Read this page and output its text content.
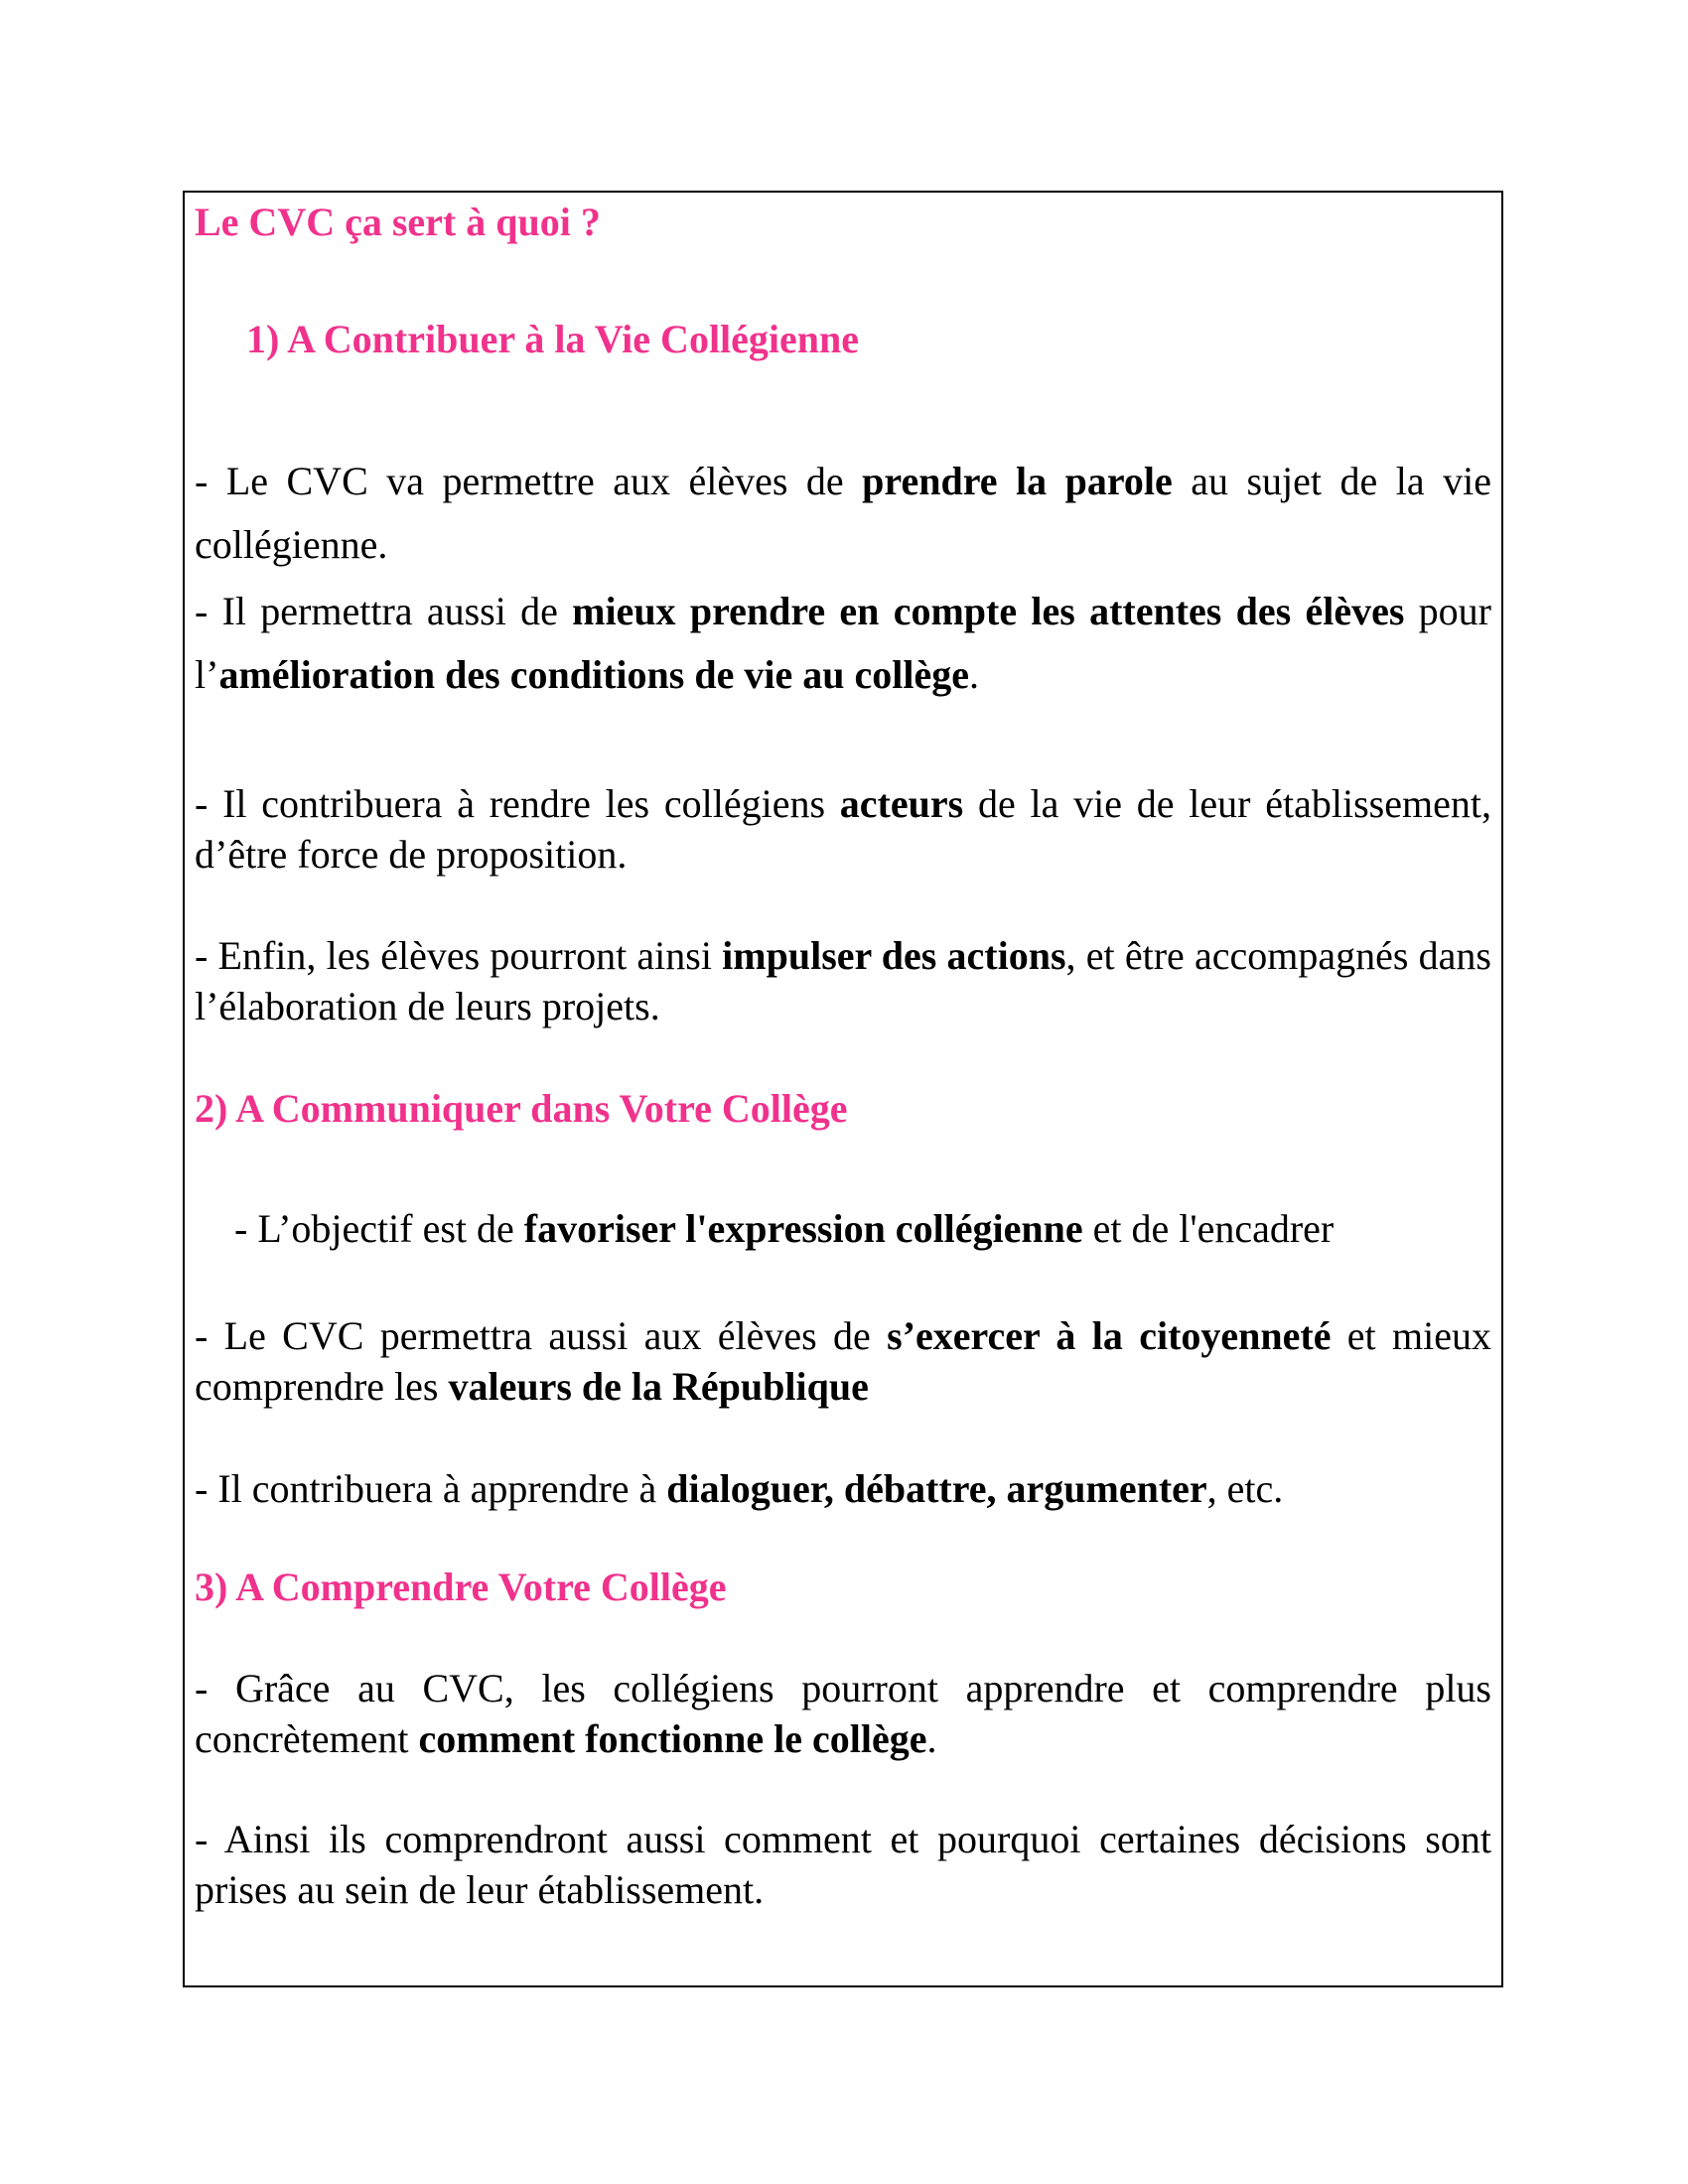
Le CVC ça sert à quoi ?
1) A Contribuer à la Vie Collégienne
- Le CVC va permettre aux élèves de prendre la parole au sujet de la vie collégienne.
- Il permettra aussi de mieux prendre en compte les attentes des élèves pour l’amélioration des conditions de vie au collège.
- Il contribuera à rendre les collégiens acteurs de la vie de leur établissement, d’être force de proposition.
- Enfin, les élèves pourront ainsi impulser des actions, et être accompagnés dans l’élaboration de leurs projets.
2) A Communiquer dans Votre Collège
- L’objectif est de favoriser l'expression collégienne et de l'encadrer
- Le CVC permettra aussi aux élèves de s’exercer à la citoyenneté et mieux comprendre les valeurs de la République
- Il contribuera à apprendre à dialoguer, débattre, argumenter, etc.
3) A Comprendre Votre Collège
- Grâce au CVC, les collégiens pourront apprendre et comprendre plus concrètement comment fonctionne le collège.
- Ainsi ils comprendront aussi comment et pourquoi certaines décisions sont prises au sein de leur établissement.
